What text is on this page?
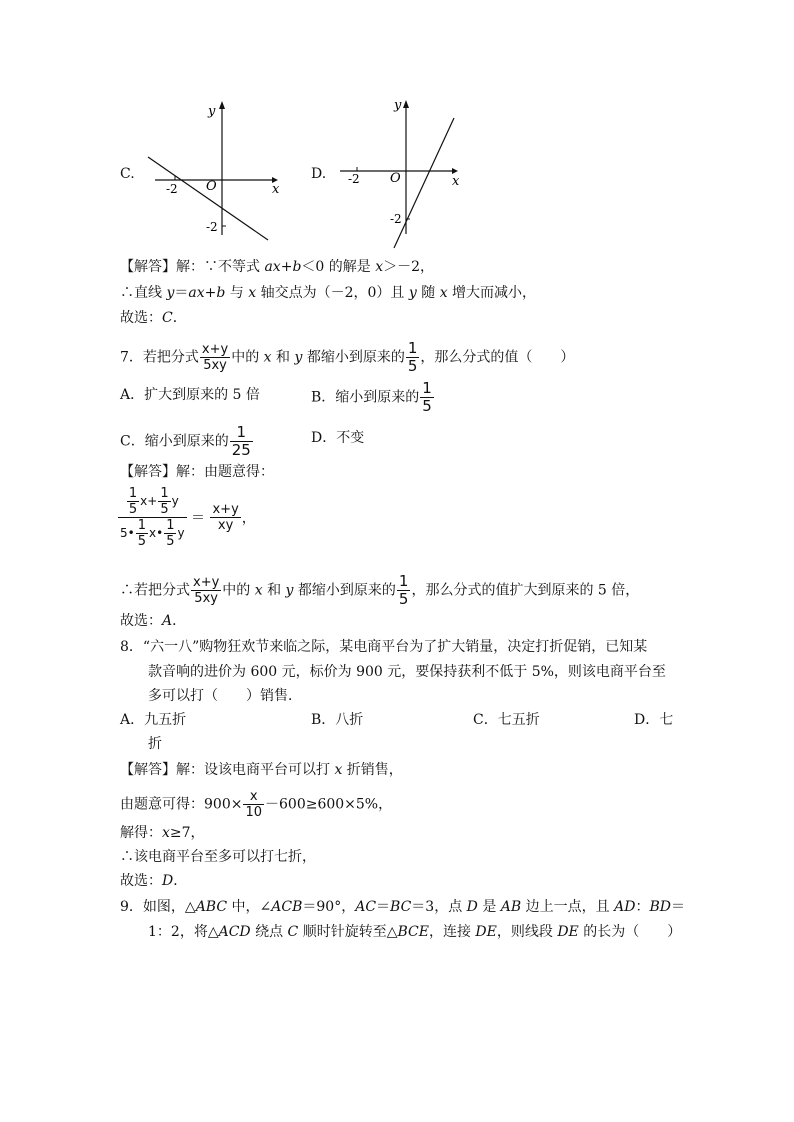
C.
y
x
O
-2
-2
D.
y
x
O
-2
-2
【解答】解：∵不等式 ax+b＜0 的解是 x＞－2，
∴直线 y＝ax+b 与 x 轴交点为（－2，0）且 y 随 x 增大而减小，
故选：C．
7．若把分式 $\frac{x+y}{5xy}$ 中的 x 和 y 都缩小到原来的 $\frac{1}{5}$ ，那么分式的值（　　）
A．扩大到原来的 5 倍	B．缩小到原来的 $\frac{1}{5}$
C．缩小到原来的 $\frac{1}{25}$	D．不变
【解答】解：由题意得：
$\frac{\frac{1}{5} x+ \frac{1}{5} y}{5• \frac{1}{5} x• \frac{1}{5} y} = \frac{x+y}{xy}$ ，
∴若把分式 $\frac{x+y}{5xy}$ 中的 x 和 y 都缩小到原来的 $\frac{1}{5}$ ，那么分式的值扩大到原来的 5 倍，
故选：A．
8．“六一八”购物狂欢节来临之际，某电商平台为了扩大销量，决定打折促销，已知某
款音响的进价为 600 元，标价为 900 元，要保持获利不低于 5%，则该电商平台至
多可以打（　　）销售．
A．九五折	B．八折	C．七五折	D．七
折
【解答】解：设该电商平台可以打 x 折销售，
由题意可得：$900\times \frac{x}{10} -600\ge 600\times 5\%$，
解得：x≥7，
∴该电商平台至多可以打七折，
故选：D．
9．如图，△ABC 中，∠ACB＝90°，AC＝BC＝3，点 D 是 AB 边上一点，且 AD：BD＝
1：2，将△ACD 绕点 C 顺时针旋转至△BCE，连接 DE，则线段 DE 的长为（　　）
